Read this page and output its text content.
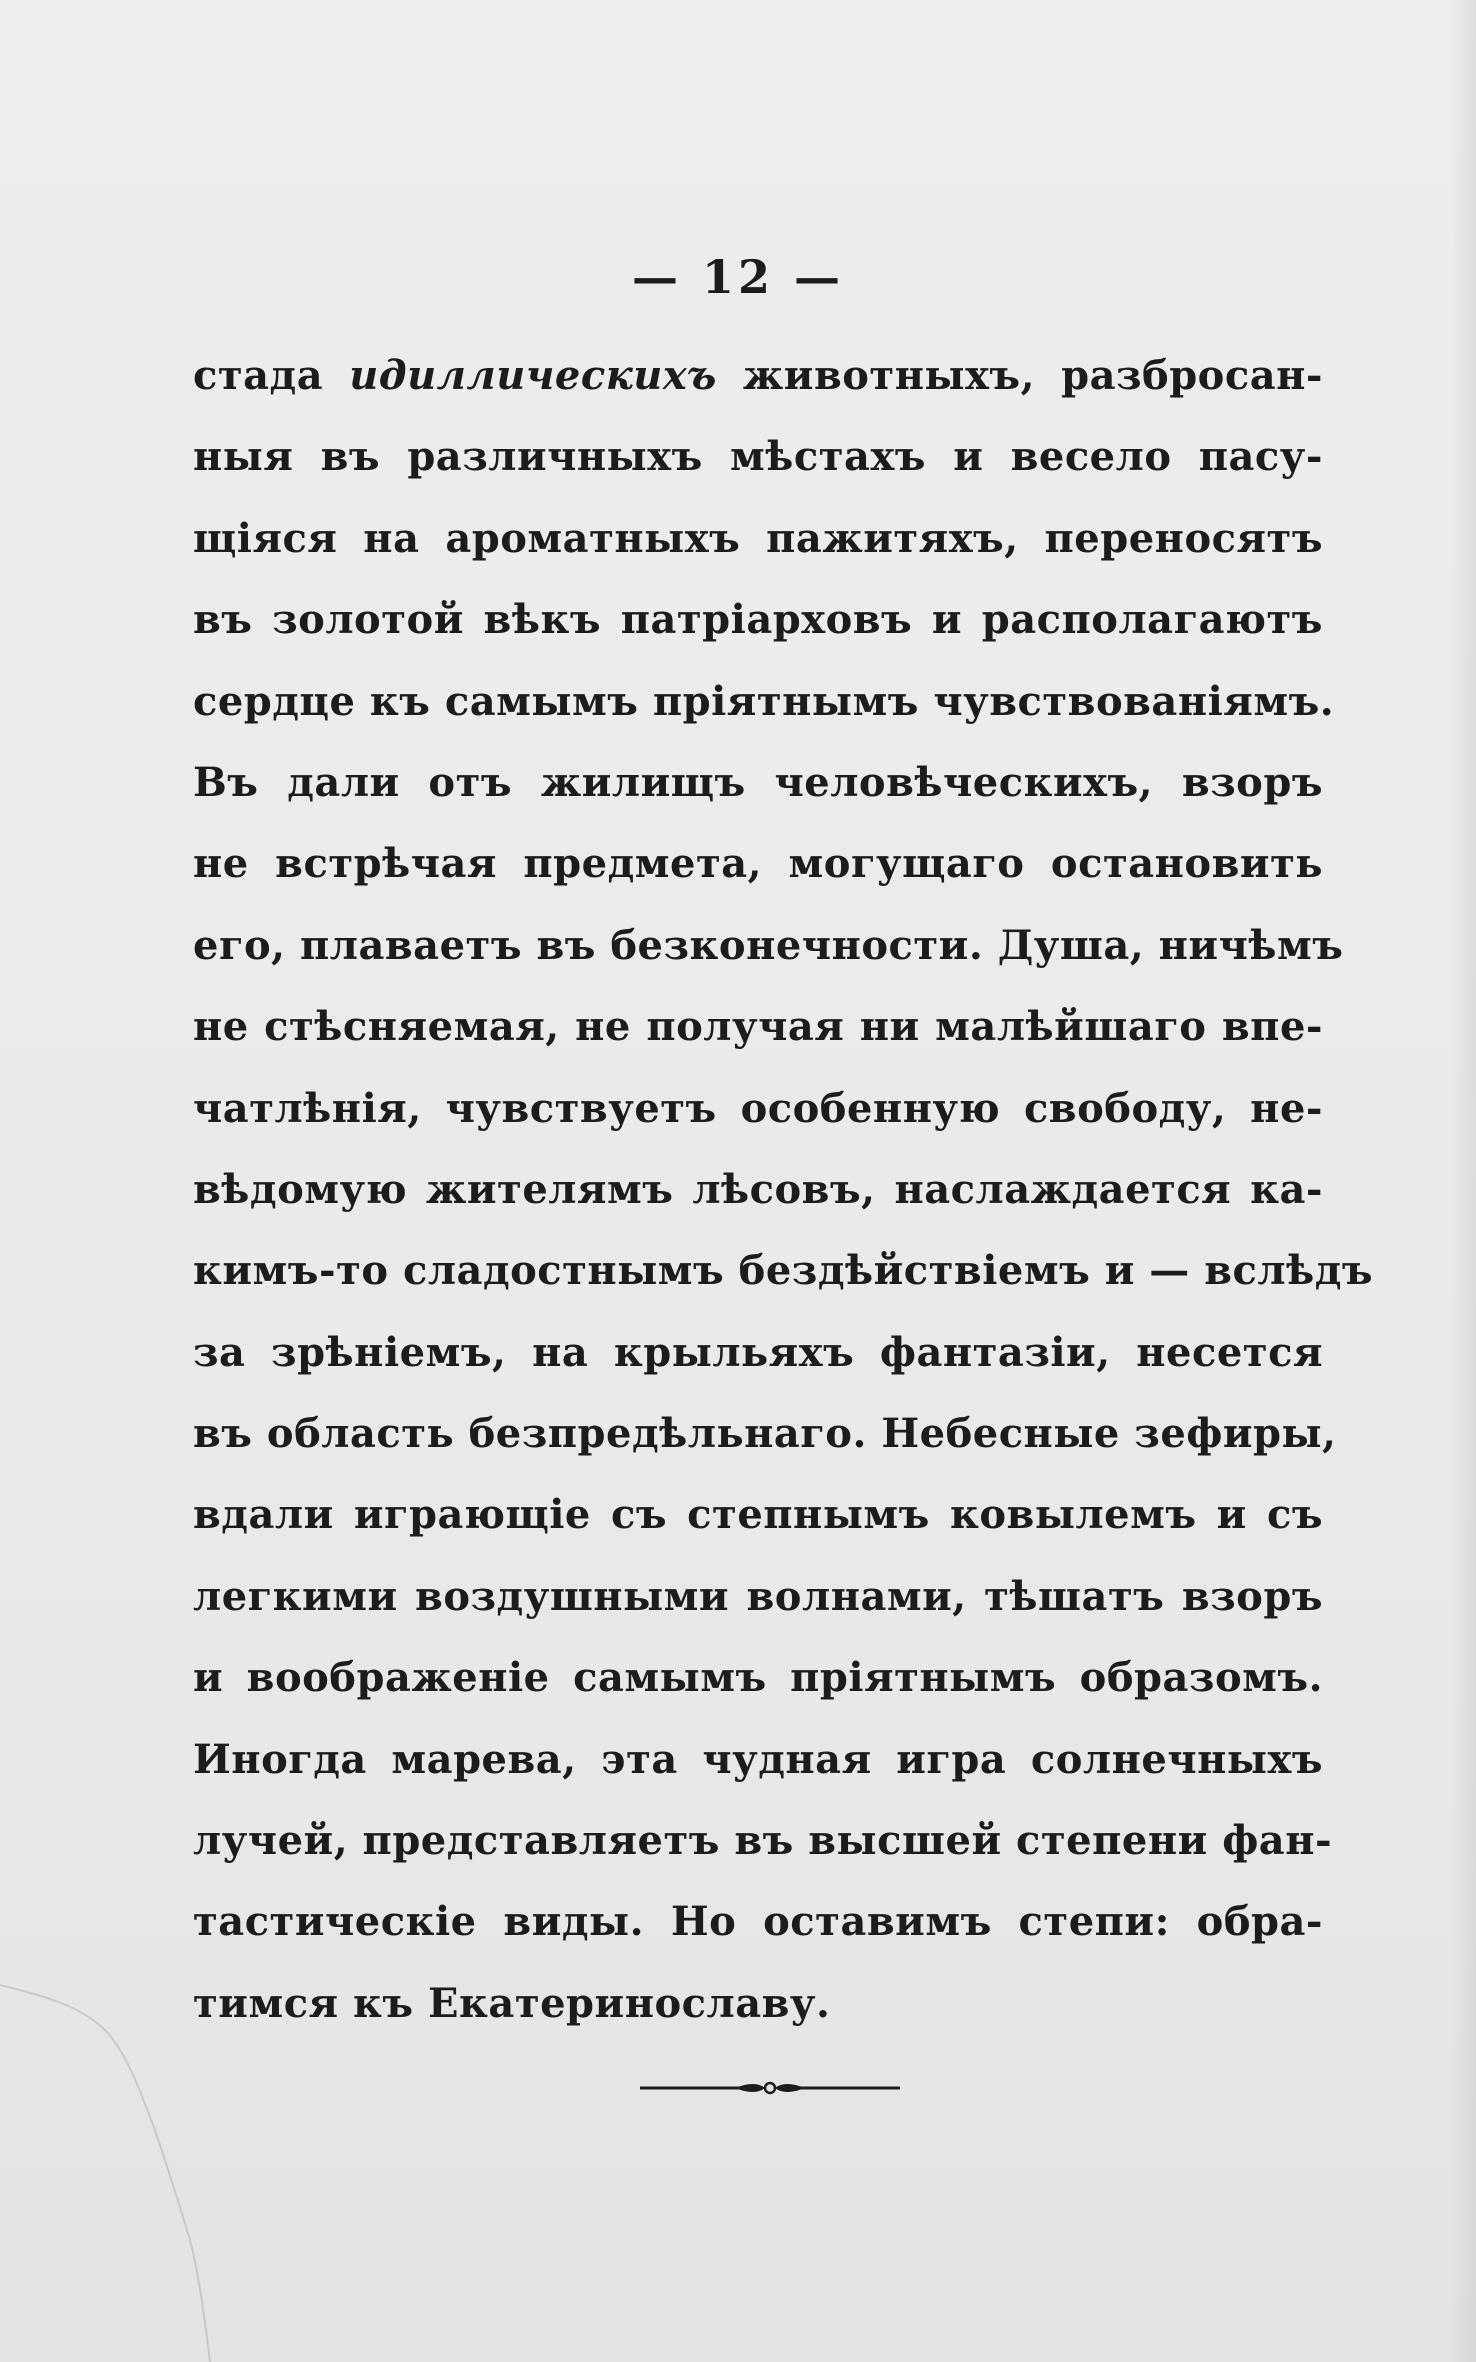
— 12 —
стада идиллическихъ животныхъ, разбросан-
ныя въ различныхъ мѣстахъ и весело пасу-
щіяся на ароматныхъ пажитяхъ, переносятъ
въ золотой вѣкъ патріарховъ и располагаютъ
сердце къ самымъ пріятнымъ чувствованіямъ.
Въ дали отъ жилищъ человѣческихъ, взоръ
не встрѣчая предмета, могущаго остановить
его, плаваетъ въ безконечности. Душа, ничѣмъ
не стѣсняемая, не получая ни малѣйшаго впе-
чатлѣнія, чувствуетъ особенную свободу, не-
вѣдомую жителямъ лѣсовъ, наслаждается ка-
кимъ-то сладостнымъ бездѣйствіемъ и — вслѣдъ
за зрѣніемъ, на крыльяхъ фантазіи, несется
въ область безпредѣльнаго. Небесные зефиры,
вдали играющіе съ степнымъ ковылемъ и съ
легкими воздушными волнами, тѣшатъ взоръ
и воображеніе самымъ пріятнымъ образомъ.
Иногда марева, эта чудная игра солнечныхъ
лучей, представляетъ въ высшей степени фан-
тастическіе виды. Но оставимъ степи: обра-
тимся къ Екатеринославу.
